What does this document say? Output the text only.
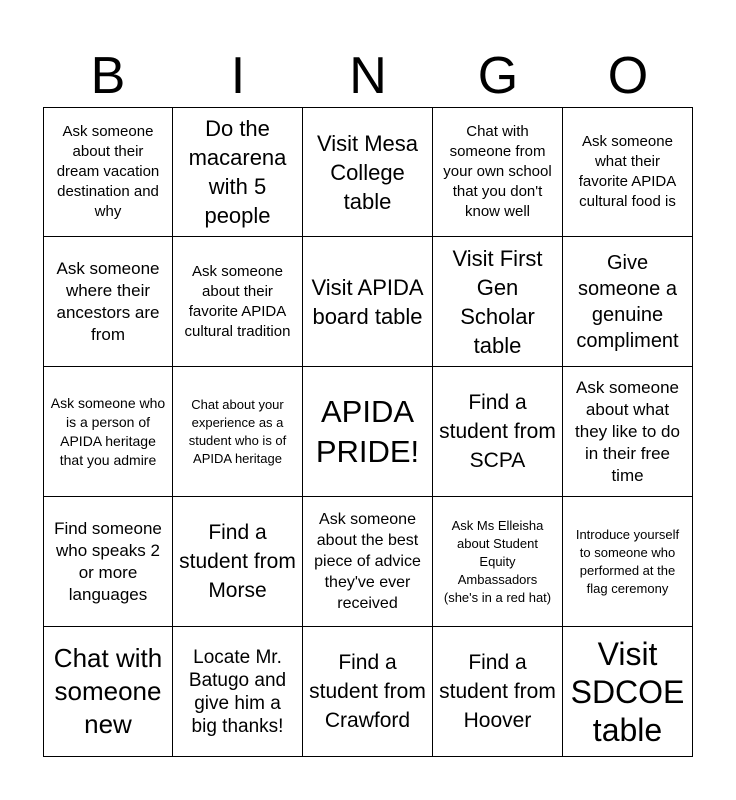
B	I	N	G	O
Ask someone about their dream vacation destination and why
Do the macarena with 5 people
Visit Mesa College table
Chat with someone from your own school that you don't know well
Ask someone what their favorite APIDA cultural food is
Ask someone where their ancestors are from
Ask someone about their favorite APIDA cultural tradition
Visit APIDA board table
Visit First Gen Scholar table
Give someone a genuine compliment
Ask someone who is a person of APIDA heritage that you admire
Chat about your experience as a student who is of APIDA heritage
APIDA PRIDE!
Find a student from SCPA
Ask someone about what they like to do in their free time
Find someone who speaks 2 or more languages
Find a student from Morse
Ask someone about the best piece of advice they've ever received
Ask Ms Elleisha about Student Equity Ambassadors (she's in a red hat)
Introduce yourself to someone who performed at the flag ceremony
Chat with someone new
Locate Mr. Batugo and give him a big thanks!
Find a student from Crawford
Find a student from Hoover
Visit SDCOE table
